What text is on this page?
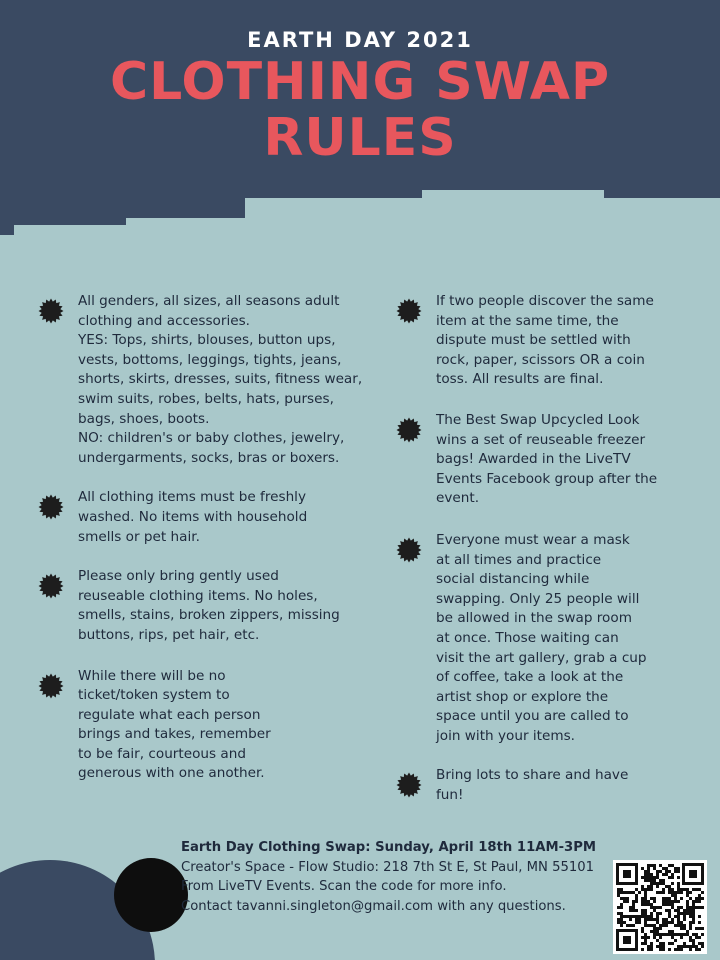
EARTH DAY 2021
CLOTHING SWAP
RULES

All genders, all sizes, all seasons adult

clothing and accessories.

YES: Tops, shirts, blouses, button ups,

vests, bottoms, leggings, tights, jeans,

shorts, skirts, dresses, suits, fitness wear,

swim suits, robes, belts, hats, purses,

bags, shoes, boots.

NO: children's or baby clothes, jewelry,

undergarments, socks, bras or boxers.

All clothing items must be freshly

washed. No items with household

smells or pet hair.

Please only bring gently used

reuseable clothing items. No holes,

smells, stains, broken zippers, missing

buttons, rips, pet hair, etc.

While there will be no

ticket/token system to

regulate what each person

brings and takes, remember

to be fair, courteous and

generous with one another.

If two people discover the same

item at the same time, the

dispute must be settled with

rock, paper, scissors OR a coin

toss. All results are final.

The Best Swap Upcycled Look

wins a set of reuseable freezer

bags! Awarded in the LiveTV

Events Facebook group after the

event.

Everyone must wear a mask

at all times and practice

social distancing while

swapping. Only 25 people will

be allowed in the swap room

at once. Those waiting can

visit the art gallery, grab a cup

of coffee, take a look at the

artist shop or explore the

space until you are called to

join with your items.

Bring lots to share and have

fun!

Earth Day Clothing Swap: Sunday, April 18th 11AM-3PM
Creator's Space - Flow Studio: 218 7th St E, St Paul, MN 55101
From LiveTV Events. Scan the code for more info.
Contact tavanni.singleton@gmail.com with any questions.
